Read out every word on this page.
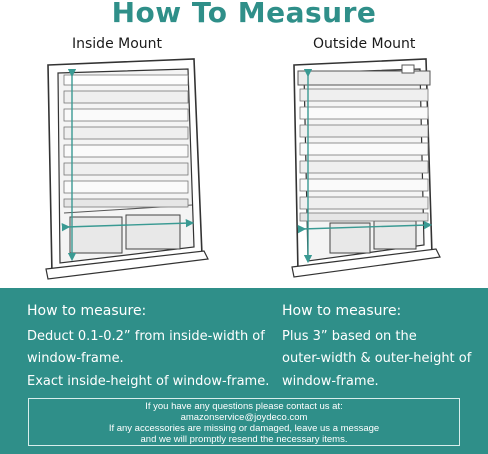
How To Measure
Inside Mount	Outside Mount
How to measure:
Deduct 0.1-0.2” from inside-width of
window-frame.
Exact inside-height of window-frame.
How to measure:
Plus 3” based on the
outer-width & outer-height of
window-frame.
If you have any questions please contact us at:
amazonservice@joydeco.com
If any accessories are missing or damaged, leave us a message
and we will promptly resend the necessary items.
